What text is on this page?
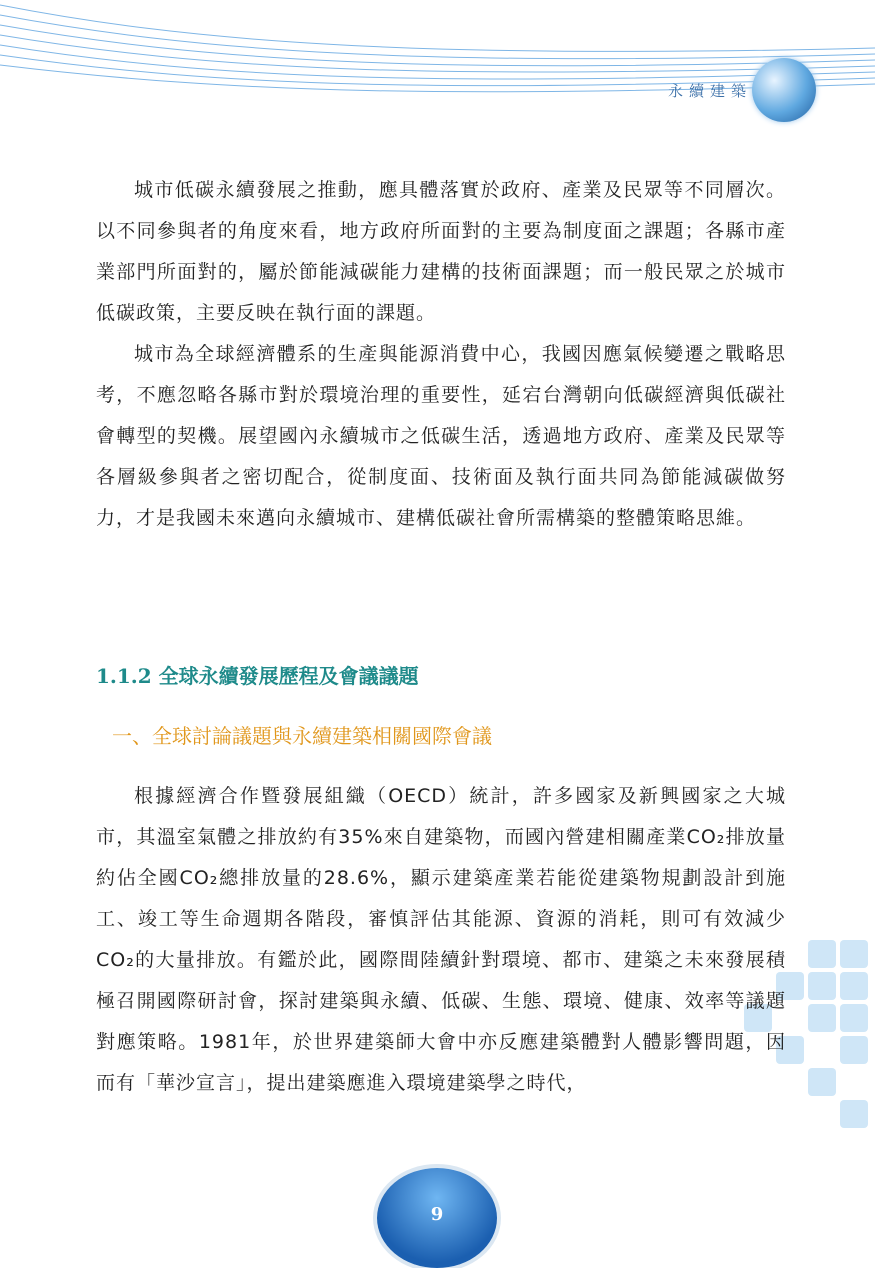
永續建築

城市低碳永續發展之推動，應具體落實於政府、產業及民眾等不同層次。以不同參與者的角度來看，地方政府所面對的主要為制度面之課題；各縣市產業部門所面對的，屬於節能減碳能力建構的技術面課題；而一般民眾之於城市低碳政策，主要反映在執行面的課題。

城市為全球經濟體系的生產與能源消費中心，我國因應氣候變遷之戰略思考，不應忽略各縣市對於環境治理的重要性，延宕台灣朝向低碳經濟與低碳社會轉型的契機。展望國內永續城市之低碳生活，透過地方政府、產業及民眾等各層級參與者之密切配合，從制度面、技術面及執行面共同為節能減碳做努力，才是我國未來邁向永續城市、建構低碳社會所需構築的整體策略思維。

1.1.2 全球永續發展歷程及會議議題
一、全球討論議題與永續建築相關國際會議

根據經濟合作暨發展組織（OECD）統計，許多國家及新興國家之大城市，其溫室氣體之排放約有35%來自建築物，而國內營建相關產業CO₂排放量約佔全國CO₂總排放量的28.6%，顯示建築產業若能從建築物規劃設計到施工、竣工等生命週期各階段，審慎評估其能源、資源的消耗，則可有效減少CO₂的大量排放。有鑑於此，國際間陸續針對環境、都市、建築之未來發展積極召開國際研討會，探討建築與永續、低碳、生態、環境、健康、效率等議題對應策略。1981年，於世界建築師大會中亦反應建築體對人體影響問題，因而有「華沙宣言」，提出建築應進入環境建築學之時代，

9
